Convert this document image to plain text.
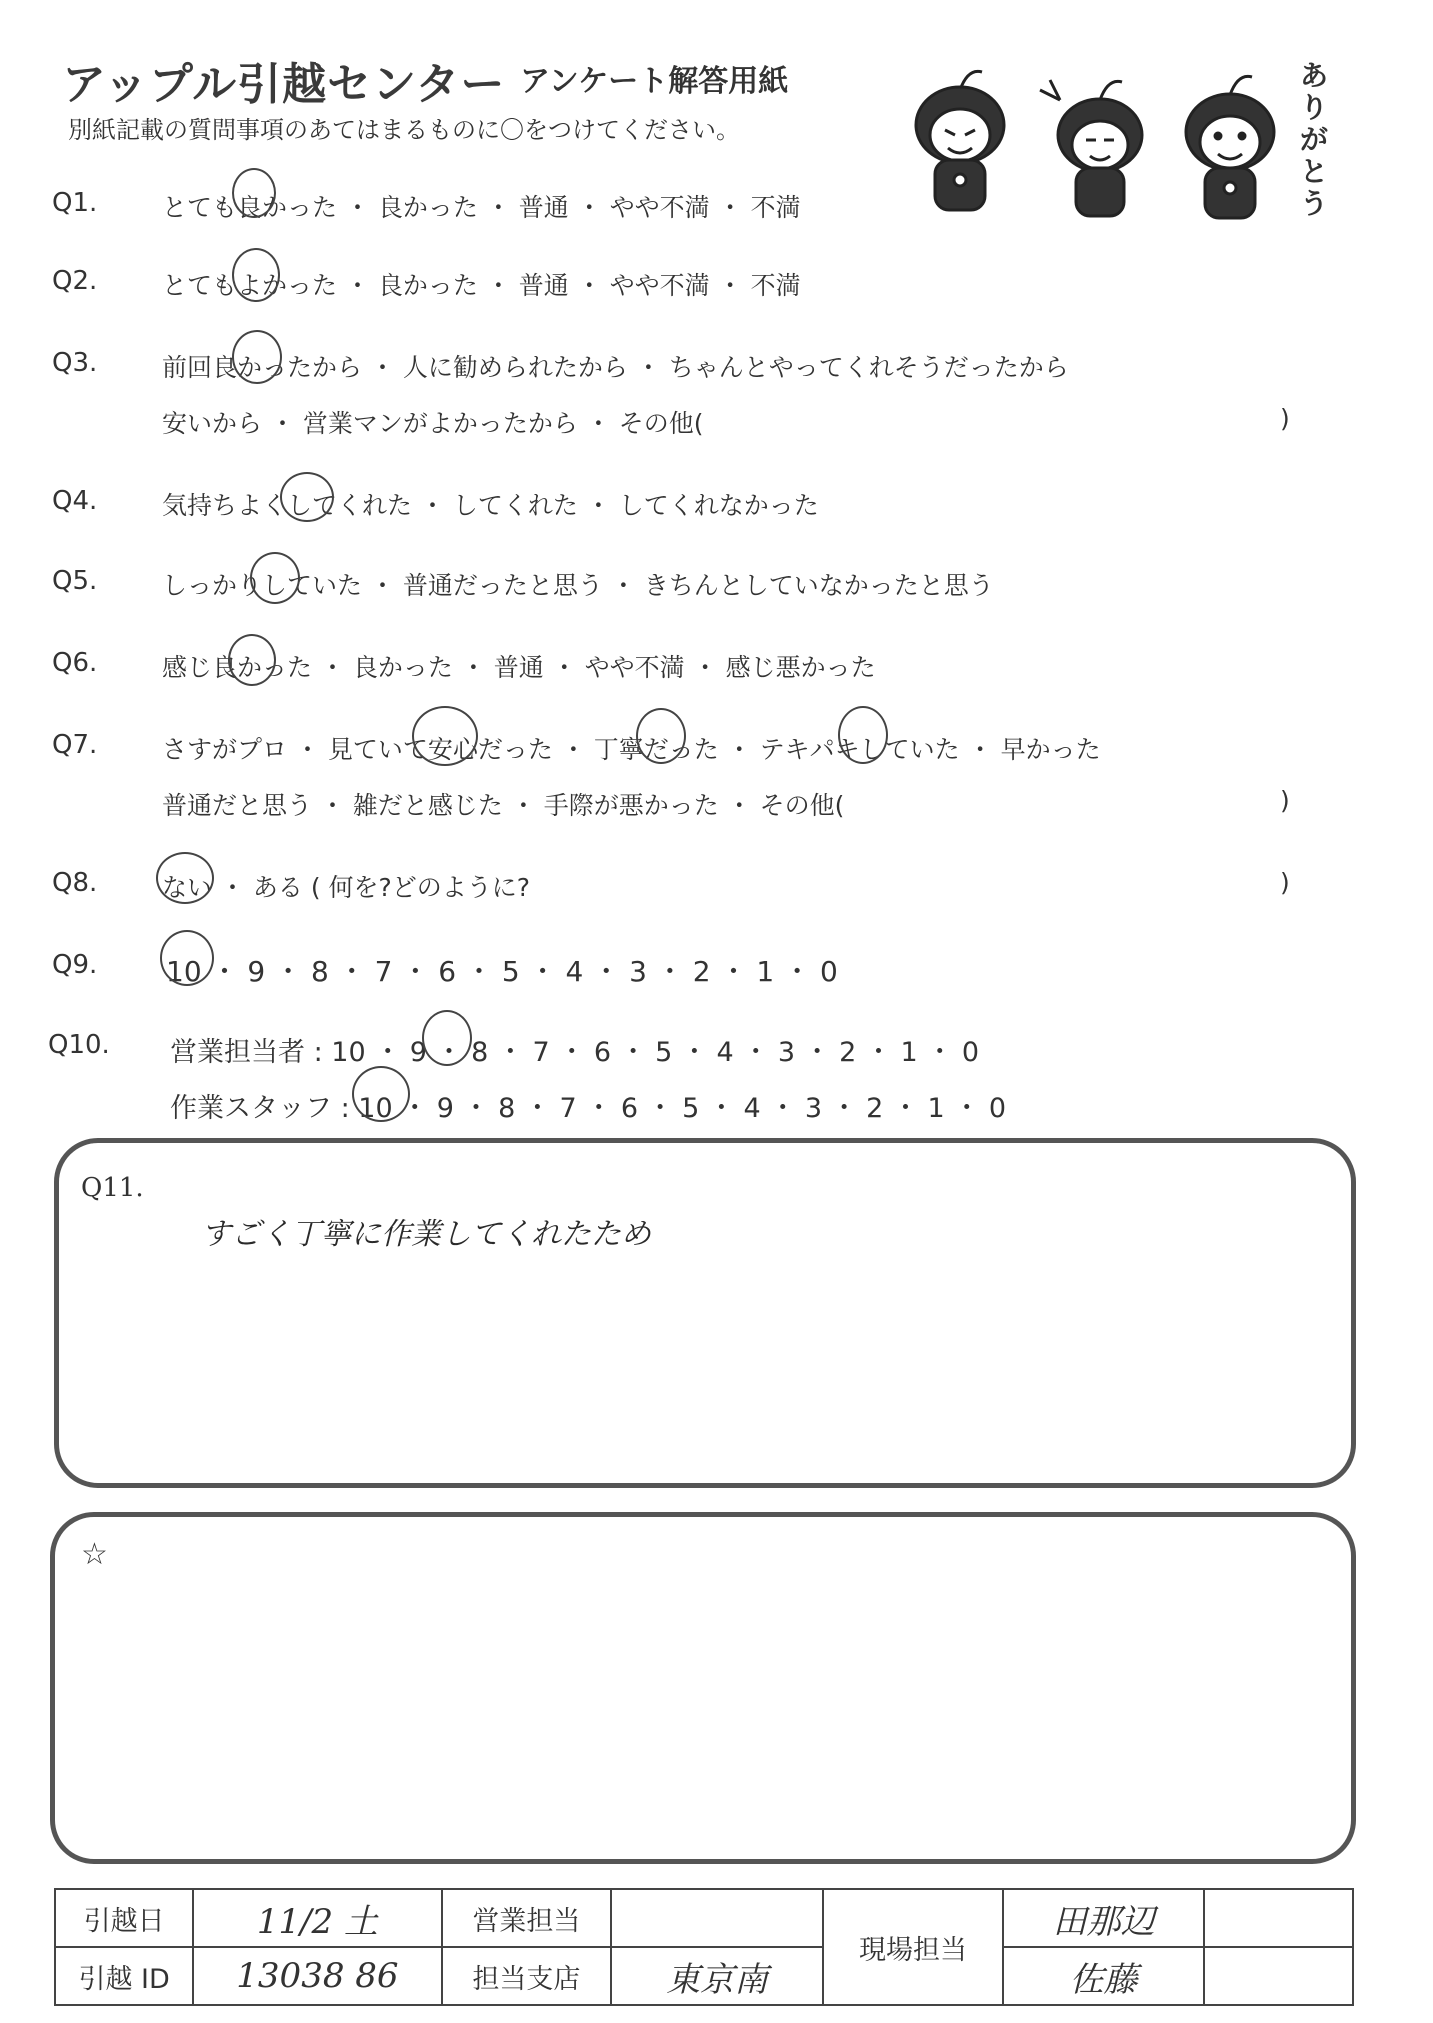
アップル引越センター アンケート解答用紙
別紙記載の質問事項のあてはまるものに〇をつけてください。
ありがとう
Q1.	とても良かった ・ 良かった ・ 普通 ・ やや不満 ・ 不満
Q2.	とてもよかった ・ 良かった ・ 普通 ・ やや不満 ・ 不満
Q3.	前回良かったから ・ 人に勧められたから ・ ちゃんとやってくれそうだったから
安いから ・ 営業マンがよかったから ・ その他(	)
Q4.	気持ちよくしてくれた ・ してくれた ・ してくれなかった
Q5.	しっかりしていた ・ 普通だったと思う ・ きちんとしていなかったと思う
Q6.	感じ良かった ・ 良かった ・ 普通 ・ やや不満 ・ 感じ悪かった
Q7.	さすがプロ ・ 見ていて安心だった ・ 丁寧だった ・ テキパキしていた ・ 早かった
普通だと思う ・ 雑だと感じた ・ 手際が悪かった ・ その他(	)
Q8.	ない ・ ある ( 何を?どのように?	)
Q9. 10 ・ 9 ・ 8 ・ 7 ・ 6 ・ 5 ・ 4 ・ 3 ・ 2 ・ 1 ・ 0
Q10. 営業担当者 : 10 ・ 9 ・ 8 ・ 7 ・ 6 ・ 5 ・ 4 ・ 3 ・ 2 ・ 1 ・ 0
作業スタッフ : 10 ・ 9 ・ 8 ・ 7 ・ 6 ・ 5 ・ 4 ・ 3 ・ 2 ・ 1 ・ 0
Q11.
すごく丁寧に作業してくれたため
☆
引越日	11/2 土	営業担当		現場担当	田那辺	
引越 ID	13038 86	担当支店	東京南		佐藤	
